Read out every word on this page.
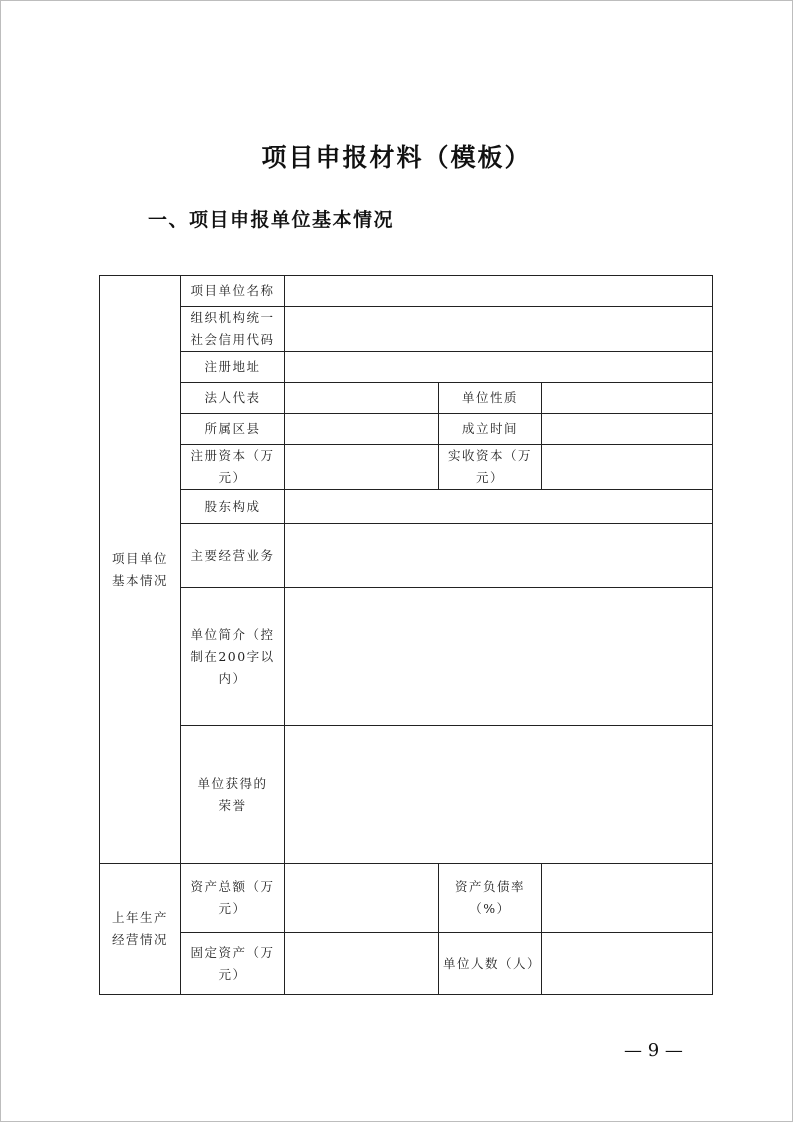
项目申报材料（模板）
一、项目申报单位基本情况
项目单位基本情况	项目单位名称			
	组织机构统一社会信用代码			
	注册地址			
	法人代表		单位性质	
	所属区县		成立时间	
	注册资本（万元）		实收资本（万元）	
	股东构成			
	主要经营业务			
	单位简介（控制在200字以内）			
	单位获得的荣誉			
上年生产经营情况	资产总额（万元）		资产负债率（%）	
	固定资产（万元）		单位人数（人）	
— 9 —
